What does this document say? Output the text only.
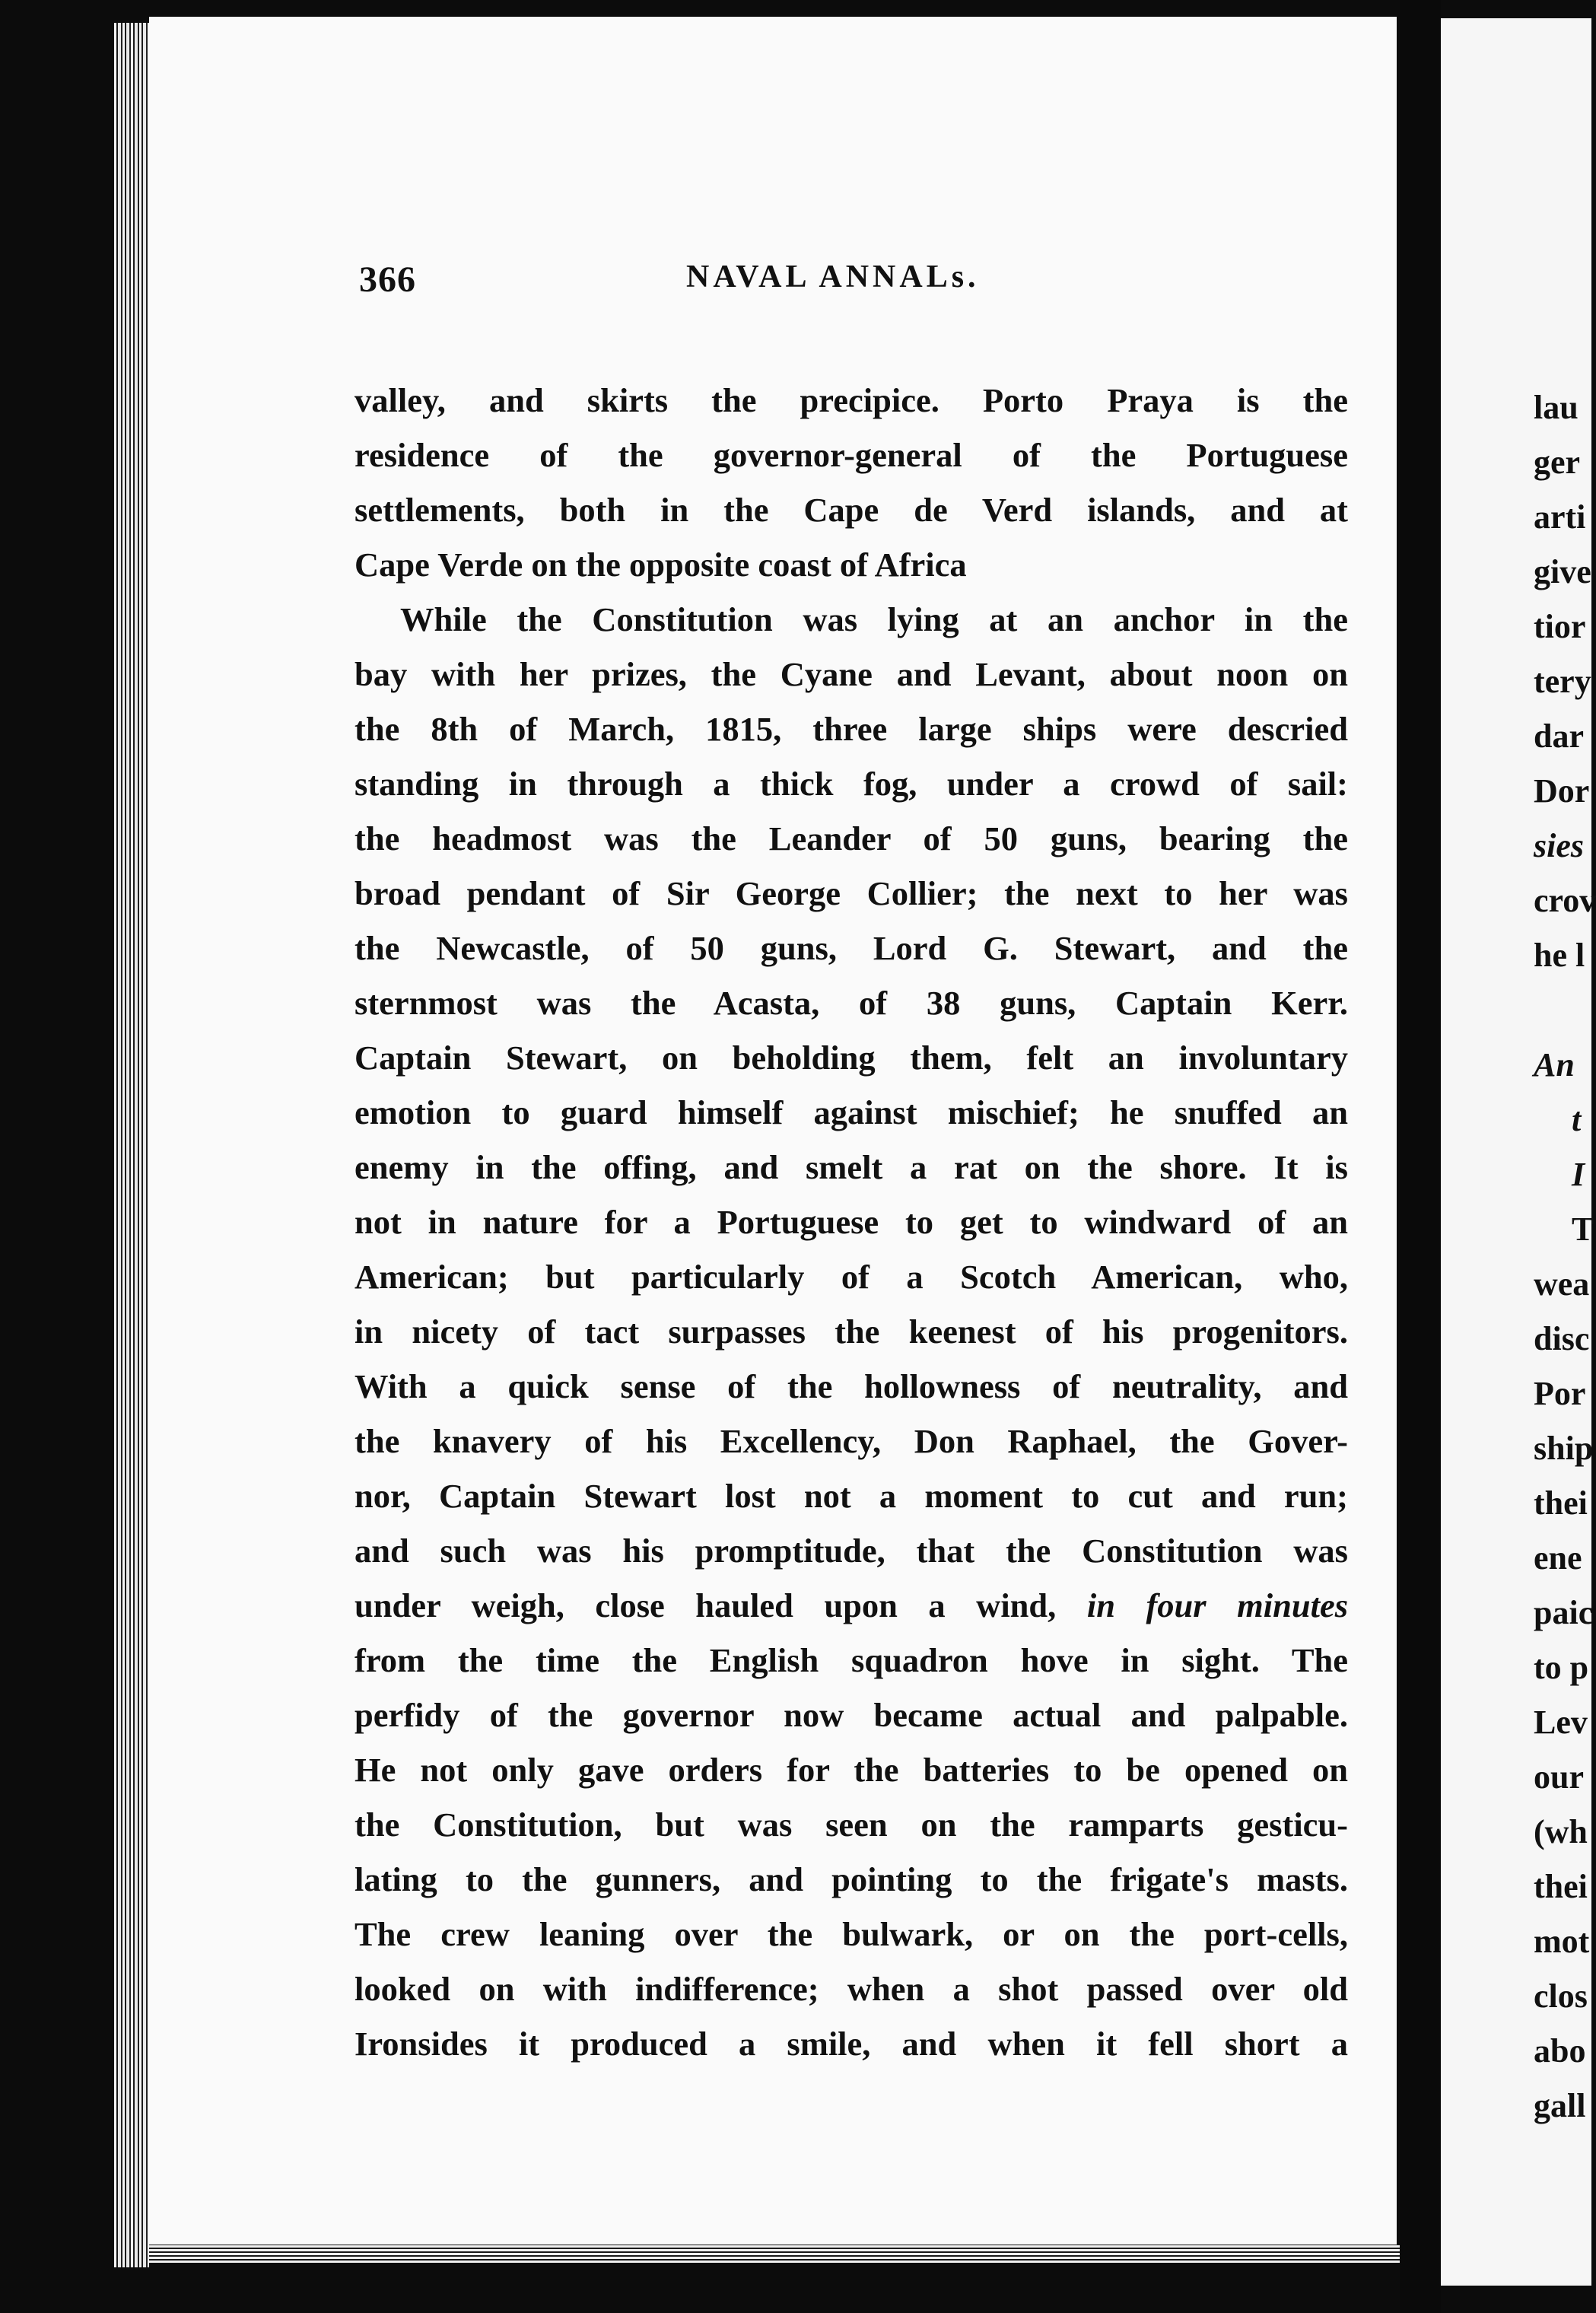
lau
ger
arti
give
tior
tery
dar
Dor
sies
crov
he l
An
t
I
T
wea
disc
Por
ship
thei
ene
paic
to p
Lev
our
(wh
thei
mot
clos
abo
gall
366	NAVAL ANNALs.
valley, and skirts the precipice. Porto Praya is the
residence of the governor-general of the Portuguese
settlements, both in the Cape de Verd islands, and at
Cape Verde on the opposite coast of Africa
While the Constitution was lying at an anchor in the
bay with her prizes, the Cyane and Levant, about noon on
the 8th of March, 1815, three large ships were descried
standing in through a thick fog, under a crowd of sail:
the headmost was the Leander of 50 guns, bearing the
broad pendant of Sir George Collier; the next to her was
the Newcastle, of 50 guns, Lord G. Stewart, and the
sternmost was the Acasta, of 38 guns, Captain Kerr.
Captain Stewart, on beholding them, felt an involuntary
emotion to guard himself against mischief; he snuffed an
enemy in the offing, and smelt a rat on the shore. It is
not in nature for a Portuguese to get to windward of an
American; but particularly of a Scotch American, who,
in nicety of tact surpasses the keenest of his progenitors.
With a quick sense of the hollowness of neutrality, and
the knavery of his Excellency, Don Raphael, the Gover-
nor, Captain Stewart lost not a moment to cut and run;
and such was his promptitude, that the Constitution was
under weigh, close hauled upon a wind, in four minutes
from the time the English squadron hove in sight. The
perfidy of the governor now became actual and palpable.
He not only gave orders for the batteries to be opened on
the Constitution, but was seen on the ramparts gesticu-
lating to the gunners, and pointing to the frigate's masts.
The crew leaning over the bulwark, or on the port-cells,
looked on with indifference; when a shot passed over old
Ironsides it produced a smile, and when it fell short a
